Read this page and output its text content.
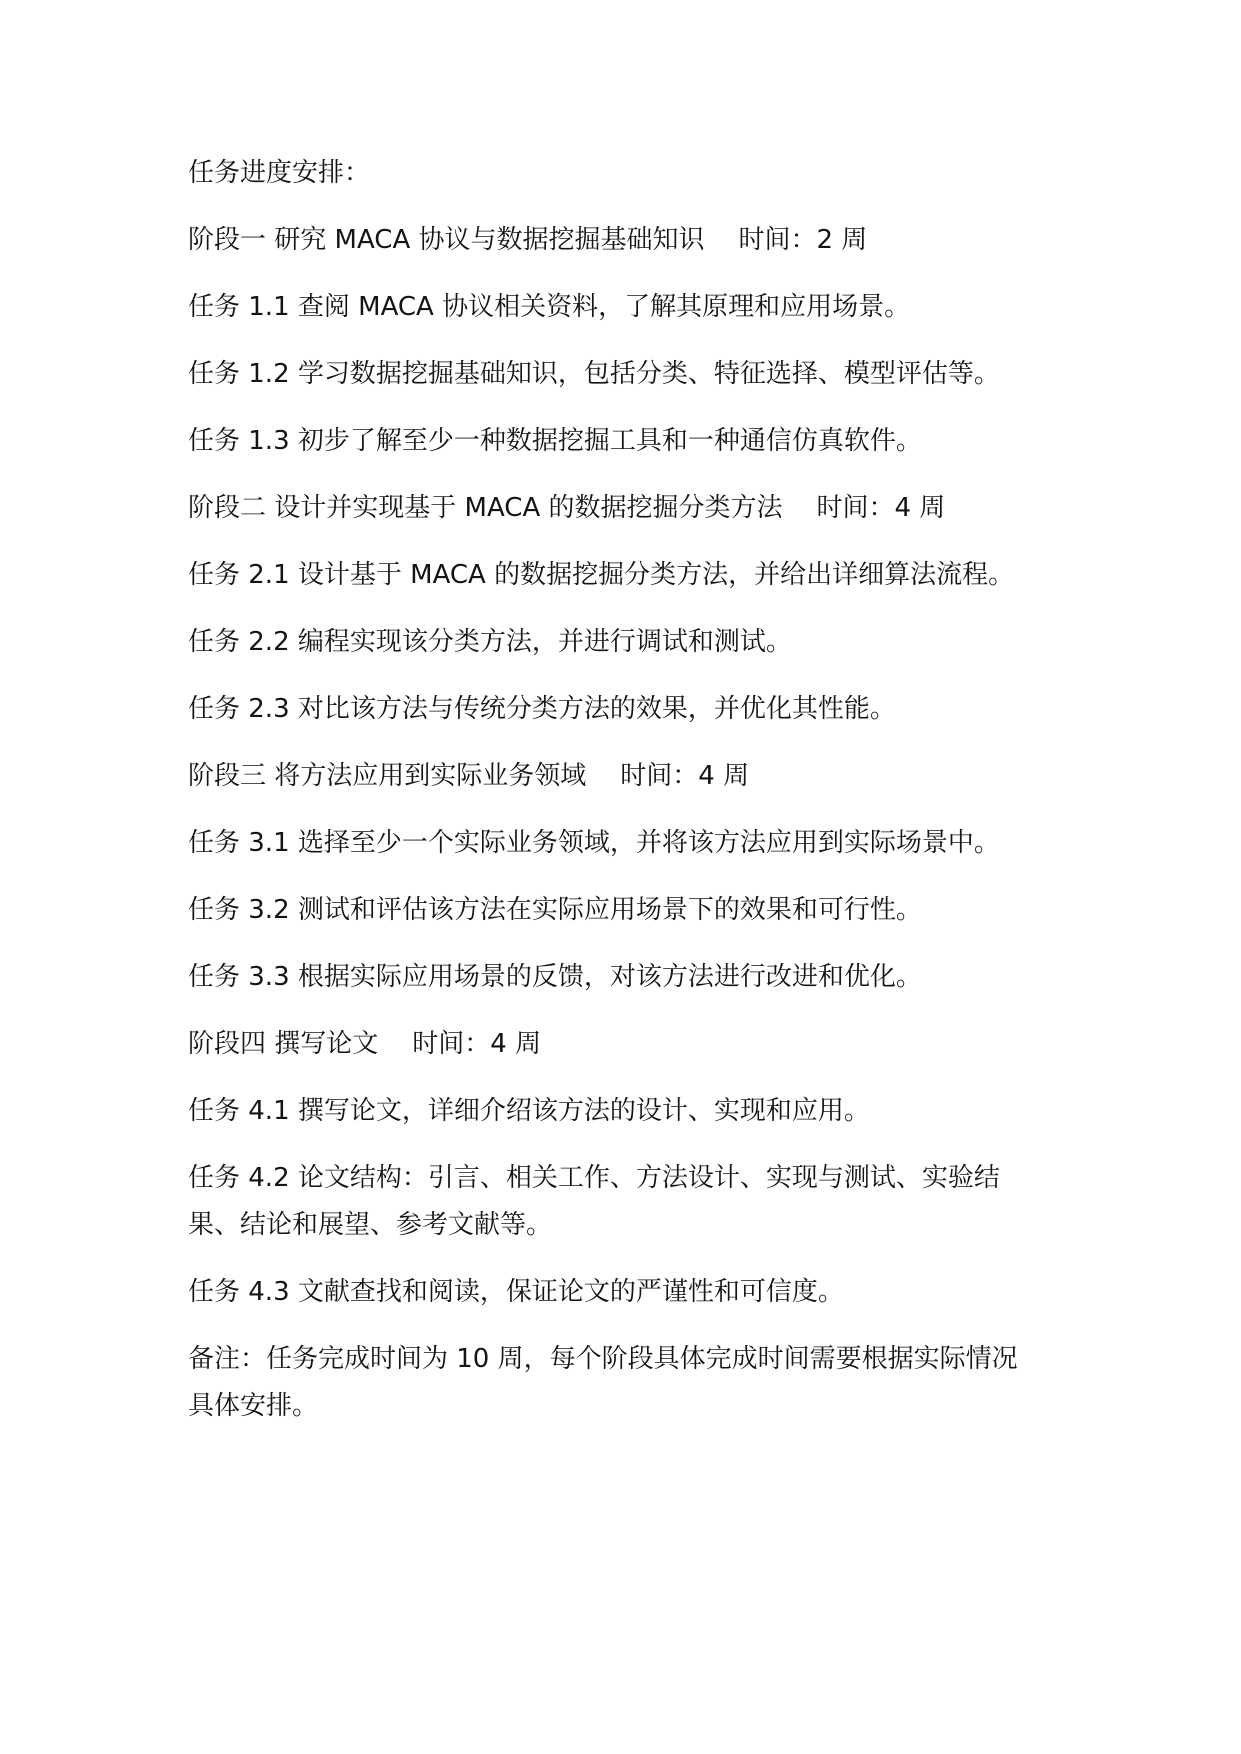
任务进度安排：

阶段一 研究 MACA 协议与数据挖掘基础知识 时间：2 周

任务 1.1 查阅 MACA 协议相关资料，了解其原理和应用场景。

任务 1.2 学习数据挖掘基础知识，包括分类、特征选择、模型评估等。

任务 1.3 初步了解至少一种数据挖掘工具和一种通信仿真软件。

阶段二 设计并实现基于 MACA 的数据挖掘分类方法 时间：4 周

任务 2.1 设计基于 MACA 的数据挖掘分类方法，并给出详细算法流程。

任务 2.2 编程实现该分类方法，并进行调试和测试。

任务 2.3 对比该方法与传统分类方法的效果，并优化其性能。

阶段三 将方法应用到实际业务领域 时间：4 周

任务 3.1 选择至少一个实际业务领域，并将该方法应用到实际场景中。

任务 3.2 测试和评估该方法在实际应用场景下的效果和可行性。

任务 3.3 根据实际应用场景的反馈，对该方法进行改进和优化。

阶段四 撰写论文 时间：4 周

任务 4.1 撰写论文，详细介绍该方法的设计、实现和应用。

任务 4.2 论文结构：引言、相关工作、方法设计、实现与测试、实验结
果、结论和展望、参考文献等。

任务 4.3 文献查找和阅读，保证论文的严谨性和可信度。

备注：任务完成时间为 10 周，每个阶段具体完成时间需要根据实际情况
具体安排。
